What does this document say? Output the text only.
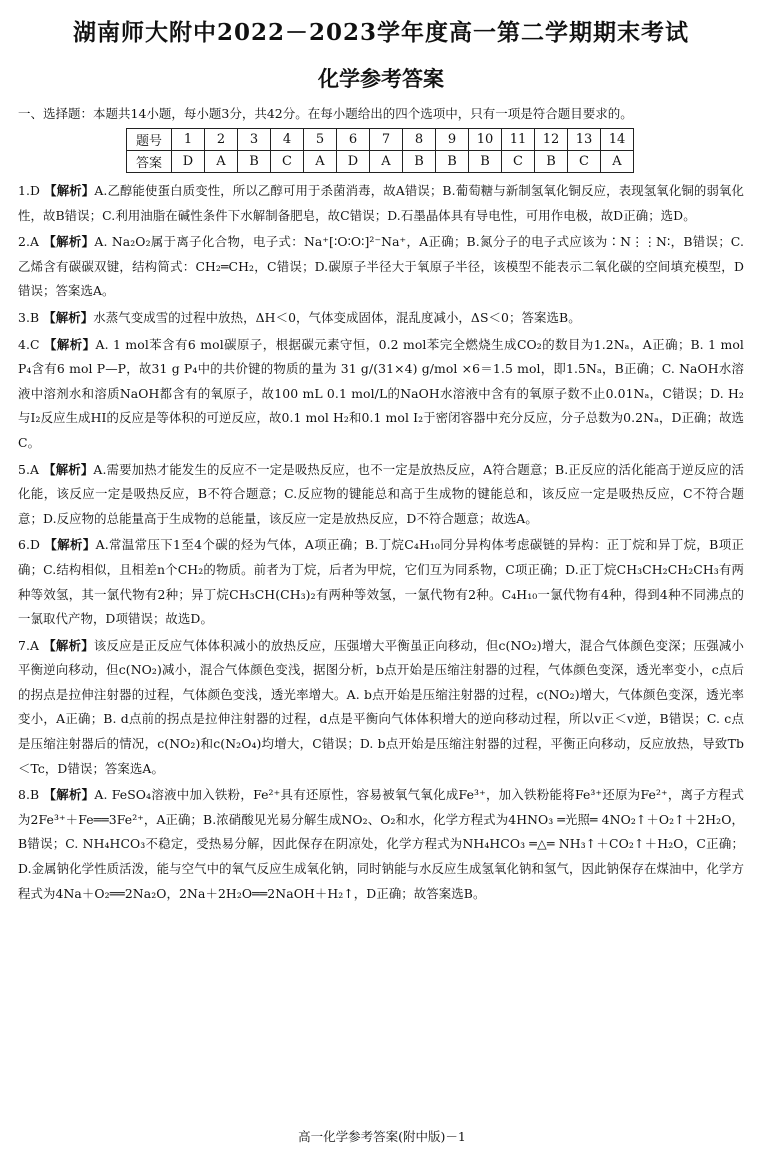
湖南师大附中2022－2023学年度高一第二学期期末考试
化学参考答案
一、选择题：本题共14小题，每小题3分，共42分。在每小题给出的四个选项中，只有一项是符合题目要求的。
题号	1	2	3	4	5	6	7	8	9	10	11	12	13	14
答案	D	A	B	C	A	D	A	B	B	B	C	B	C	A
1.D 【解析】A.乙醇能使蛋白质变性，所以乙醇可用于杀菌消毒，故A错误；B.葡萄糖与新制氢氧化铜反应，表现氢氧化铜的弱氧化性，故B错误；C.利用油脂在碱性条件下水解制备肥皂，故C错误；D.石墨晶体具有导电性，可用作电极，故D正确；选D。
2.A 【解析】A. Na₂O₂属于离子化合物，电子式：Na⁺[∶O∶O∶]²⁻Na⁺，A正确；B.氮分子的电子式应该为∶N⋮⋮N∶，B错误；C.乙烯含有碳碳双键，结构简式：CH₂═CH₂，C错误；D.碳原子半径大于氧原子半径，该模型不能表示二氧化碳的空间填充模型，D错误；答案选A。
3.B 【解析】水蒸气变成雪的过程中放热，ΔH＜0，气体变成固体，混乱度减小，ΔS＜0；答案选B。
4.C 【解析】A. 1 mol苯含有6 mol碳原子，根据碳元素守恒，0.2 mol苯完全燃烧生成CO₂的数目为1.2Nₐ，A正确；B. 1 mol P₄含有6 mol P—P，故31 g P₄中的共价键的物质的量为 31 g/(31×4) g/mol ×6＝1.5 mol，即1.5Nₐ，B正确；C. NaOH水溶液中溶剂水和溶质NaOH都含有的氧原子，故100 mL 0.1 mol/L的NaOH水溶液中含有的氧原子数不止0.01Nₐ，C错误；D. H₂与I₂反应生成HI的反应是等体积的可逆反应，故0.1 mol H₂和0.1 mol I₂于密闭容器中充分反应，分子总数为0.2Nₐ，D正确；故选C。
5.A 【解析】A.需要加热才能发生的反应不一定是吸热反应，也不一定是放热反应，A符合题意；B.正反应的活化能高于逆反应的活化能，该反应一定是吸热反应，B不符合题意；C.反应物的键能总和高于生成物的键能总和，该反应一定是吸热反应，C不符合题意；D.反应物的总能量高于生成物的总能量，该反应一定是放热反应，D不符合题意；故选A。
6.D 【解析】A.常温常压下1至4个碳的烃为气体，A项正确；B.丁烷C₄H₁₀同分异构体考虑碳链的异构：正丁烷和异丁烷，B项正确；C.结构相似，且相差n个CH₂的物质。前者为丁烷，后者为甲烷，它们互为同系物，C项正确；D.正丁烷CH₃CH₂CH₂CH₃有两种等效氢，其一氯代物有2种；异丁烷CH₃CH(CH₃)₂有两种等效氢，一氯代物有2种。C₄H₁₀一氯代物有4种，得到4种不同沸点的一氯取代产物，D项错误；故选D。
7.A 【解析】该反应是正反应气体体积减小的放热反应，压强增大平衡虽正向移动，但c(NO₂)增大，混合气体颜色变深；压强减小平衡逆向移动，但c(NO₂)减小，混合气体颜色变浅，据图分析，b点开始是压缩注射器的过程，气体颜色变深，透光率变小，c点后的拐点是拉伸注射器的过程，气体颜色变浅，透光率增大。A. b点开始是压缩注射器的过程，c(NO₂)增大，气体颜色变深，透光率变小，A正确；B. d点前的拐点是拉伸注射器的过程，d点是平衡向气体体积增大的逆向移动过程，所以v正＜v逆，B错误；C. c点是压缩注射器后的情况，c(NO₂)和c(N₂O₄)均增大，C错误；D. b点开始是压缩注射器的过程，平衡正向移动，反应放热，导致Tb＜Tc，D错误；答案选A。
8.B 【解析】A. FeSO₄溶液中加入铁粉，Fe²⁺具有还原性，容易被氧气氧化成Fe³⁺，加入铁粉能将Fe³⁺还原为Fe²⁺，离子方程式为2Fe³⁺＋Fe══3Fe²⁺，A正确；B.浓硝酸见光易分解生成NO₂、O₂和水，化学方程式为4HNO₃ ═光照═ 4NO₂↑＋O₂↑＋2H₂O，B错误；C. NH₄HCO₃不稳定，受热易分解，因此保存在阴凉处，化学方程式为NH₄HCO₃ ═△═ NH₃↑＋CO₂↑＋H₂O，C正确；D.金属钠化学性质活泼，能与空气中的氧气反应生成氧化钠，同时钠能与水反应生成氢氧化钠和氢气，因此钠保存在煤油中，化学方程式为4Na＋O₂══2Na₂O，2Na＋2H₂O══2NaOH＋H₂↑，D正确；故答案选B。
高一化学参考答案(附中版)－1
